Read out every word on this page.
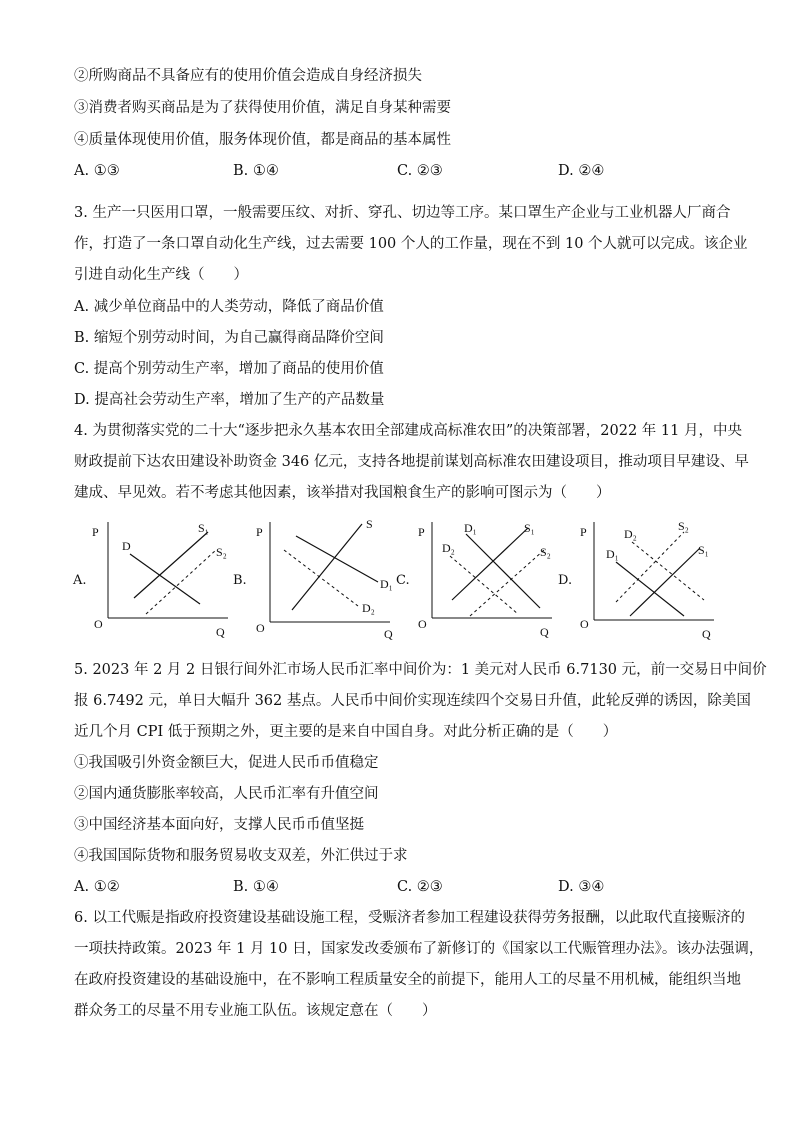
②所购商品不具备应有的使用价值会造成自身经济损失
③消费者购买商品是为了获得使用价值，满足自身某种需要
④质量体现使用价值，服务体现价值，都是商品的基本属性
A. ①③	B. ①④	C. ②③	D. ②④
3. 生产一只医用口罩，一般需要压纹、对折、穿孔、切边等工序。某口罩生产企业与工业机器人厂商合
作，打造了一条口罩自动化生产线，过去需要 100 个人的工作量，现在不到 10 个人就可以完成。该企业
引进自动化生产线（　　）
A. 减少单位商品中的人类劳动，降低了商品价值
B. 缩短个别劳动时间，为自己赢得商品降价空间
C. 提高个别劳动生产率，增加了商品的使用价值
D. 提高社会劳动生产率，增加了生产的产品数量
4. 为贯彻落实党的二十大“逐步把永久基本农田全部建成高标准农田”的决策部署，2022 年 11 月，中央
财政提前下达农田建设补助资金 346 亿元，支持各地提前谋划高标准农田建设项目，推动项目早建设、早
建成、早见效。若不考虑其他因素，该举措对我国粮食生产的影响可图示为（　　）
A.
P
O
Q
D
S₁
S₂
B.
P
O	Q
S
D₁
D₂
C.
P
O
Q
D₁
D₂
S₁
S₂
D.
P
O
Q
D₂
D₁
S₂
S₁
5. 2023 年 2 月 2 日银行间外汇市场人民币汇率中间价为：1 美元对人民币 6.7130 元，前一交易日中间价
报 6.7492 元，单日大幅升 362 基点。人民币中间价实现连续四个交易日升值，此轮反弹的诱因，除美国
近几个月 CPI 低于预期之外，更主要的是来自中国自身。对此分析正确的是（　　）
①我国吸引外资金额巨大，促进人民币币值稳定
②国内通货膨胀率较高，人民币汇率有升值空间
③中国经济基本面向好，支撑人民币币值坚挺
④我国国际货物和服务贸易收支双差，外汇供过于求
A. ①②	B. ①④	C. ②③	D. ③④
6. 以工代赈是指政府投资建设基础设施工程，受赈济者参加工程建设获得劳务报酬，以此取代直接赈济的
一项扶持政策。2023 年 1 月 10 日，国家发改委颁布了新修订的《国家以工代赈管理办法》。该办法强调，
在政府投资建设的基础设施中，在不影响工程质量安全的前提下，能用人工的尽量不用机械，能组织当地
群众务工的尽量不用专业施工队伍。该规定意在（　　）
